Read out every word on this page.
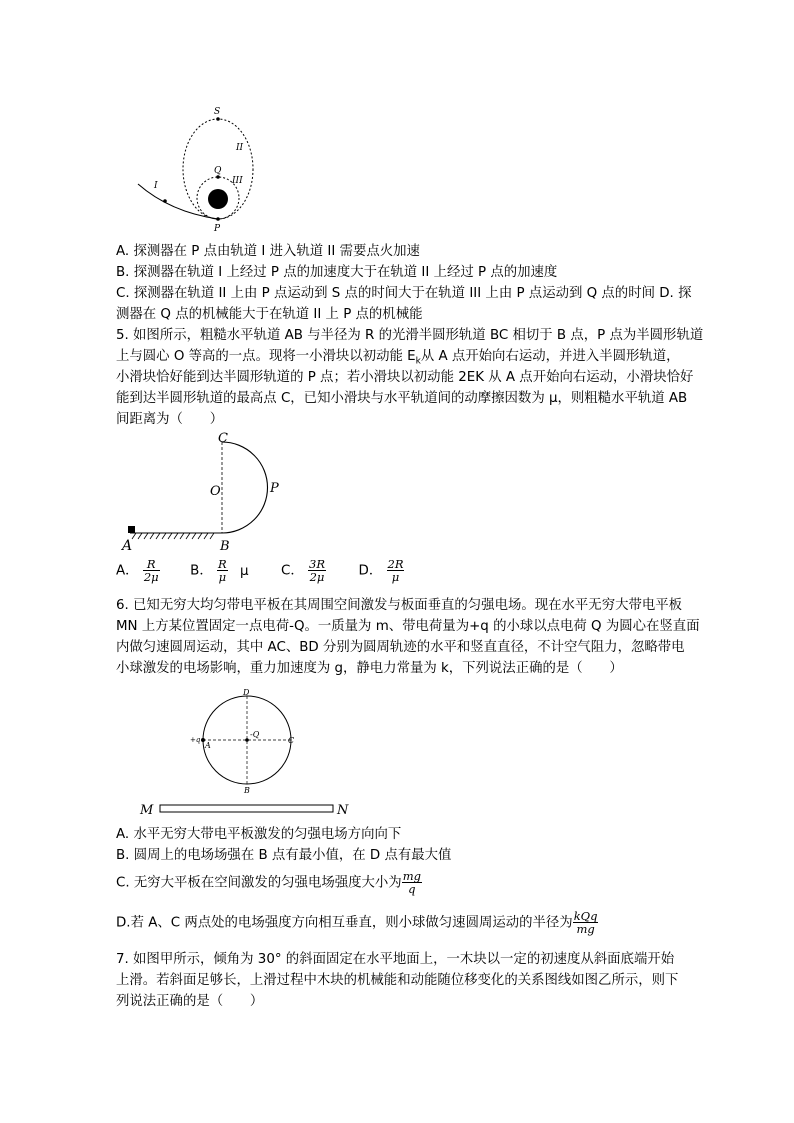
S
II
Q
III
I
P
A. 探测器在 P 点由轨道 I 进入轨道 II 需要点火加速
B. 探测器在轨道 I 上经过 P 点的加速度大于在轨道 II 上经过 P 点的加速度
C. 探测器在轨道 II 上由 P 点运动到 S 点的时间大于在轨道 III 上由 P 点运动到 Q 点的时间 D. 探
测器在 Q 点的机械能大于在轨道 II 上 P 点的机械能
5. 如图所示，粗糙水平轨道 AB 与半径为 R 的光滑半圆形轨道 BC 相切于 B 点，P 点为半圆形轨道
上与圆心 O 等高的一点。现将一小滑块以初动能 $E_k$从 A 点开始向右运动，并进入半圆形轨道，
小滑块恰好能到达半圆形轨道的 P 点；若小滑块以初动能 2EK 从 A 点开始向右运动，小滑块恰好
能到达半圆形轨道的最高点 C，已知小滑块与水平轨道间的动摩擦因数为 μ，则粗糙水平轨道 AB
间距离为（　　）
C
O	P
A	B
A． $\frac{R}{2\mu}$ B． $\frac{R}{\mu}$ μ C． $\frac{3R}{2\mu}$ D． $\frac{2R}{\mu}$
6. 已知无穷大均匀带电平板在其周围空间激发与板面垂直的匀强电场。现在水平无穷大带电平板
MN 上方某位置固定一点电荷-Q。一质量为 m、带电荷量为+q 的小球以点电荷 Q 为圆心在竖直面
内做匀速圆周运动，其中 AC、BD 分别为圆周轨迹的水平和竖直直径，不计空气阻力，忽略带电
小球激发的电场影响，重力加速度为 g，静电力常量为 k，下列说法正确的是（　　）
D
+q
A
-Q
C
B
M	N
A. 水平无穷大带电平板激发的匀强电场方向向下
B. 圆周上的电场场强在 B 点有最小值，在 D 点有最大值
C. 无穷大平板在空间激发的匀强电场强度大小为 $\frac{mg}{q}$
D.若 A、C 两点处的电场强度方向相互垂直，则小球做匀速圆周运动的半径为 $\frac{\text{kQq}}{mg}$
7. 如图甲所示，倾角为 30° 的斜面固定在水平地面上，一木块以一定的初速度从斜面底端开始
上滑。若斜面足够长，上滑过程中木块的机械能和动能随位移变化的关系图线如图乙所示，则下
列说法正确的是（　　）
